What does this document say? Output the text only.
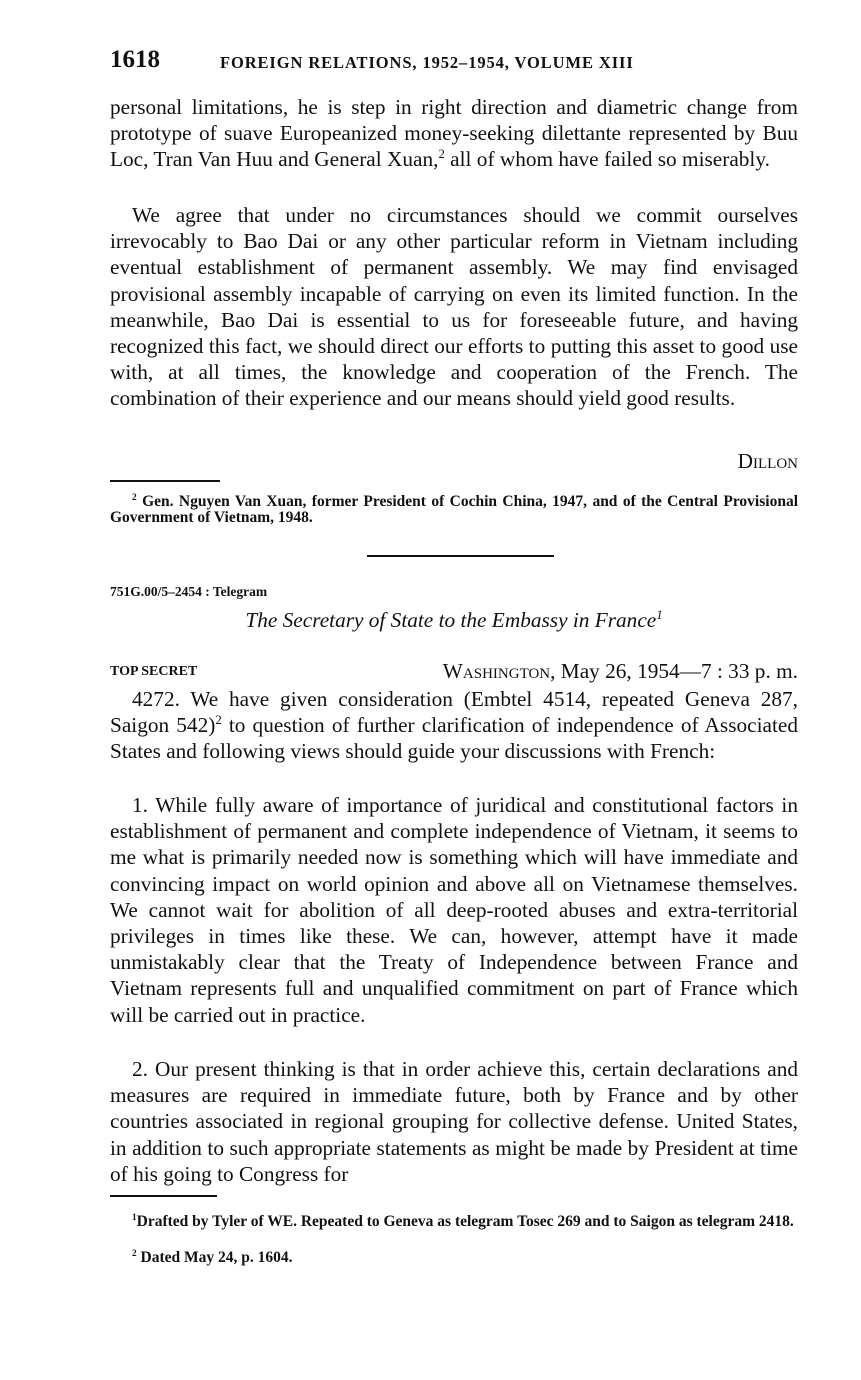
1618	FOREIGN RELATIONS, 1952–1954, VOLUME XIII

personal limitations, he is step in right direction and diametric change from prototype of suave Europeanized money-seeking dilettante represented by Buu Loc, Tran Van Huu and General Xuan,$^2$ all of whom have failed so miserably.

We agree that under no circumstances should we commit ourselves irrevocably to Bao Dai or any other particular reform in Vietnam including eventual establishment of permanent assembly. We may find envisaged provisional assembly incapable of carrying on even its limited function. In the meanwhile, Bao Dai is essential to us for foreseeable future, and having recognized this fact, we should direct our efforts to putting this asset to good use with, at all times, the knowledge and cooperation of the French. The combination of their experience and our means should yield good results.

Dillon

$^2$ Gen. Nguyen Van Xuan, former President of Cochin China, 1947, and of the Central Provisional Government of Vietnam, 1948.

751G.00/5–2454 : Telegram
The Secretary of State to the Embassy in France$^1$
TOP SECRET	Washington, May 26, 1954—7 : 33 p. m.

4272. We have given consideration (Embtel 4514, repeated Geneva 287, Saigon 542)$^2$ to question of further clarification of independence of Associated States and following views should guide your discussions with French:

1. While fully aware of importance of juridical and constitutional factors in establishment of permanent and complete independence of Vietnam, it seems to me what is primarily needed now is something which will have immediate and convincing impact on world opinion and above all on Vietnamese themselves. We cannot wait for abolition of all deep-rooted abuses and extra-territorial privileges in times like these. We can, however, attempt have it made unmistakably clear that the Treaty of Independence between France and Vietnam represents full and unqualified commitment on part of France which will be carried out in practice.

2. Our present thinking is that in order achieve this, certain declarations and measures are required in immediate future, both by France and by other countries associated in regional grouping for collective defense. United States, in addition to such appropriate statements as might be made by President at time of his going to Congress for

$^1$Drafted by Tyler of WE. Repeated to Geneva as telegram Tosec 269 and to Saigon as telegram 2418.

$^2$ Dated May 24, p. 1604.
